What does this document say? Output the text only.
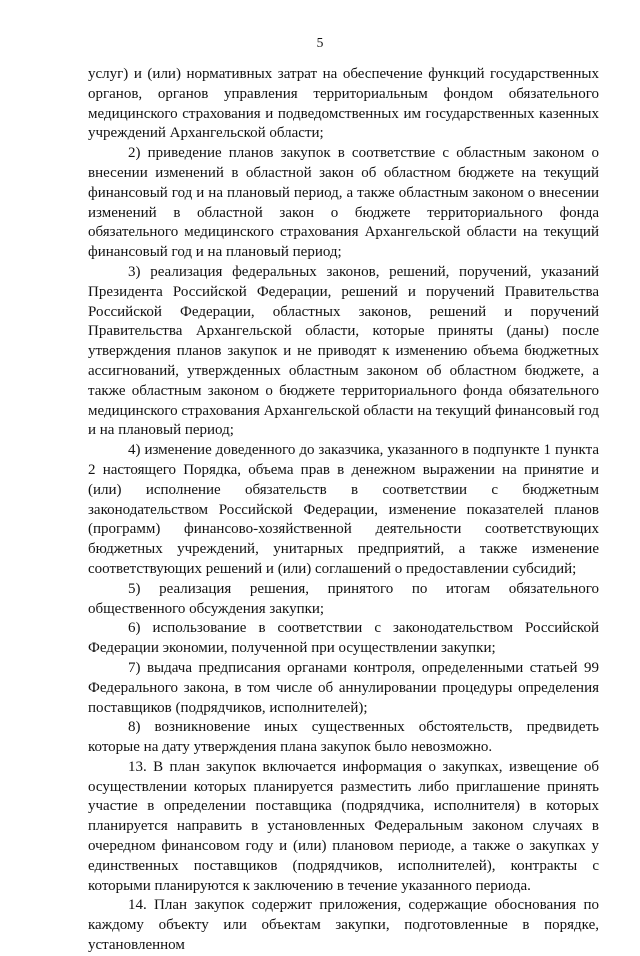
5

услуг) и (или) нормативных затрат на обеспечение функций государственных органов, органов управления территориальным фондом обязательного медицинского страхования и подведомственных им государственных казенных учреждений Архангельской области;

2) приведение планов закупок в соответствие с областным законом о внесении изменений в областной закон об областном бюджете на текущий финансовый год и на плановый период, а также областным законом о внесении изменений в областной закон о бюджете территориального фонда обязательного медицинского страхования Архангельской области на текущий финансовый год и на плановый период;

3) реализация федеральных законов, решений, поручений, указаний Президента Российской Федерации, решений и поручений Правительства Российской Федерации, областных законов, решений и поручений Правительства Архангельской области, которые приняты (даны) после утверждения планов закупок и не приводят к изменению объема бюджетных ассигнований, утвержденных областным законом об областном бюджете, а также областным законом о бюджете территориального фонда обязательного медицинского страхования Архангельской области на текущий финансовый год и на плановый период;

4) изменение доведенного до заказчика, указанного в подпункте 1 пункта 2 настоящего Порядка, объема прав в денежном выражении на принятие и (или) исполнение обязательств в соответствии с бюджетным законодательством Российской Федерации, изменение показателей планов (программ) финансово-хозяйственной деятельности соответствующих бюджетных учреждений, унитарных предприятий, а также изменение соответствующих решений и (или) соглашений о предоставлении субсидий;

5) реализация решения, принятого по итогам обязательного общественного обсуждения закупки;

6) использование в соответствии с законодательством Российской Федерации экономии, полученной при осуществлении закупки;

7) выдача предписания органами контроля, определенными статьей 99 Федерального закона, в том числе об аннулировании процедуры определения поставщиков (подрядчиков, исполнителей);

8) возникновение иных существенных обстоятельств, предвидеть которые на дату утверждения плана закупок было невозможно.

13. В план закупок включается информация о закупках, извещение об осуществлении которых планируется разместить либо приглашение принять участие в определении поставщика (подрядчика, исполнителя) в которых планируется направить в установленных Федеральным законом случаях в очередном финансовом году и (или) плановом периоде, а также о закупках у единственных поставщиков (подрядчиков, исполнителей), контракты с которыми планируются к заключению в течение указанного периода.

14. План закупок содержит приложения, содержащие обоснования по каждому объекту или объектам закупки, подготовленные в порядке, установленном
